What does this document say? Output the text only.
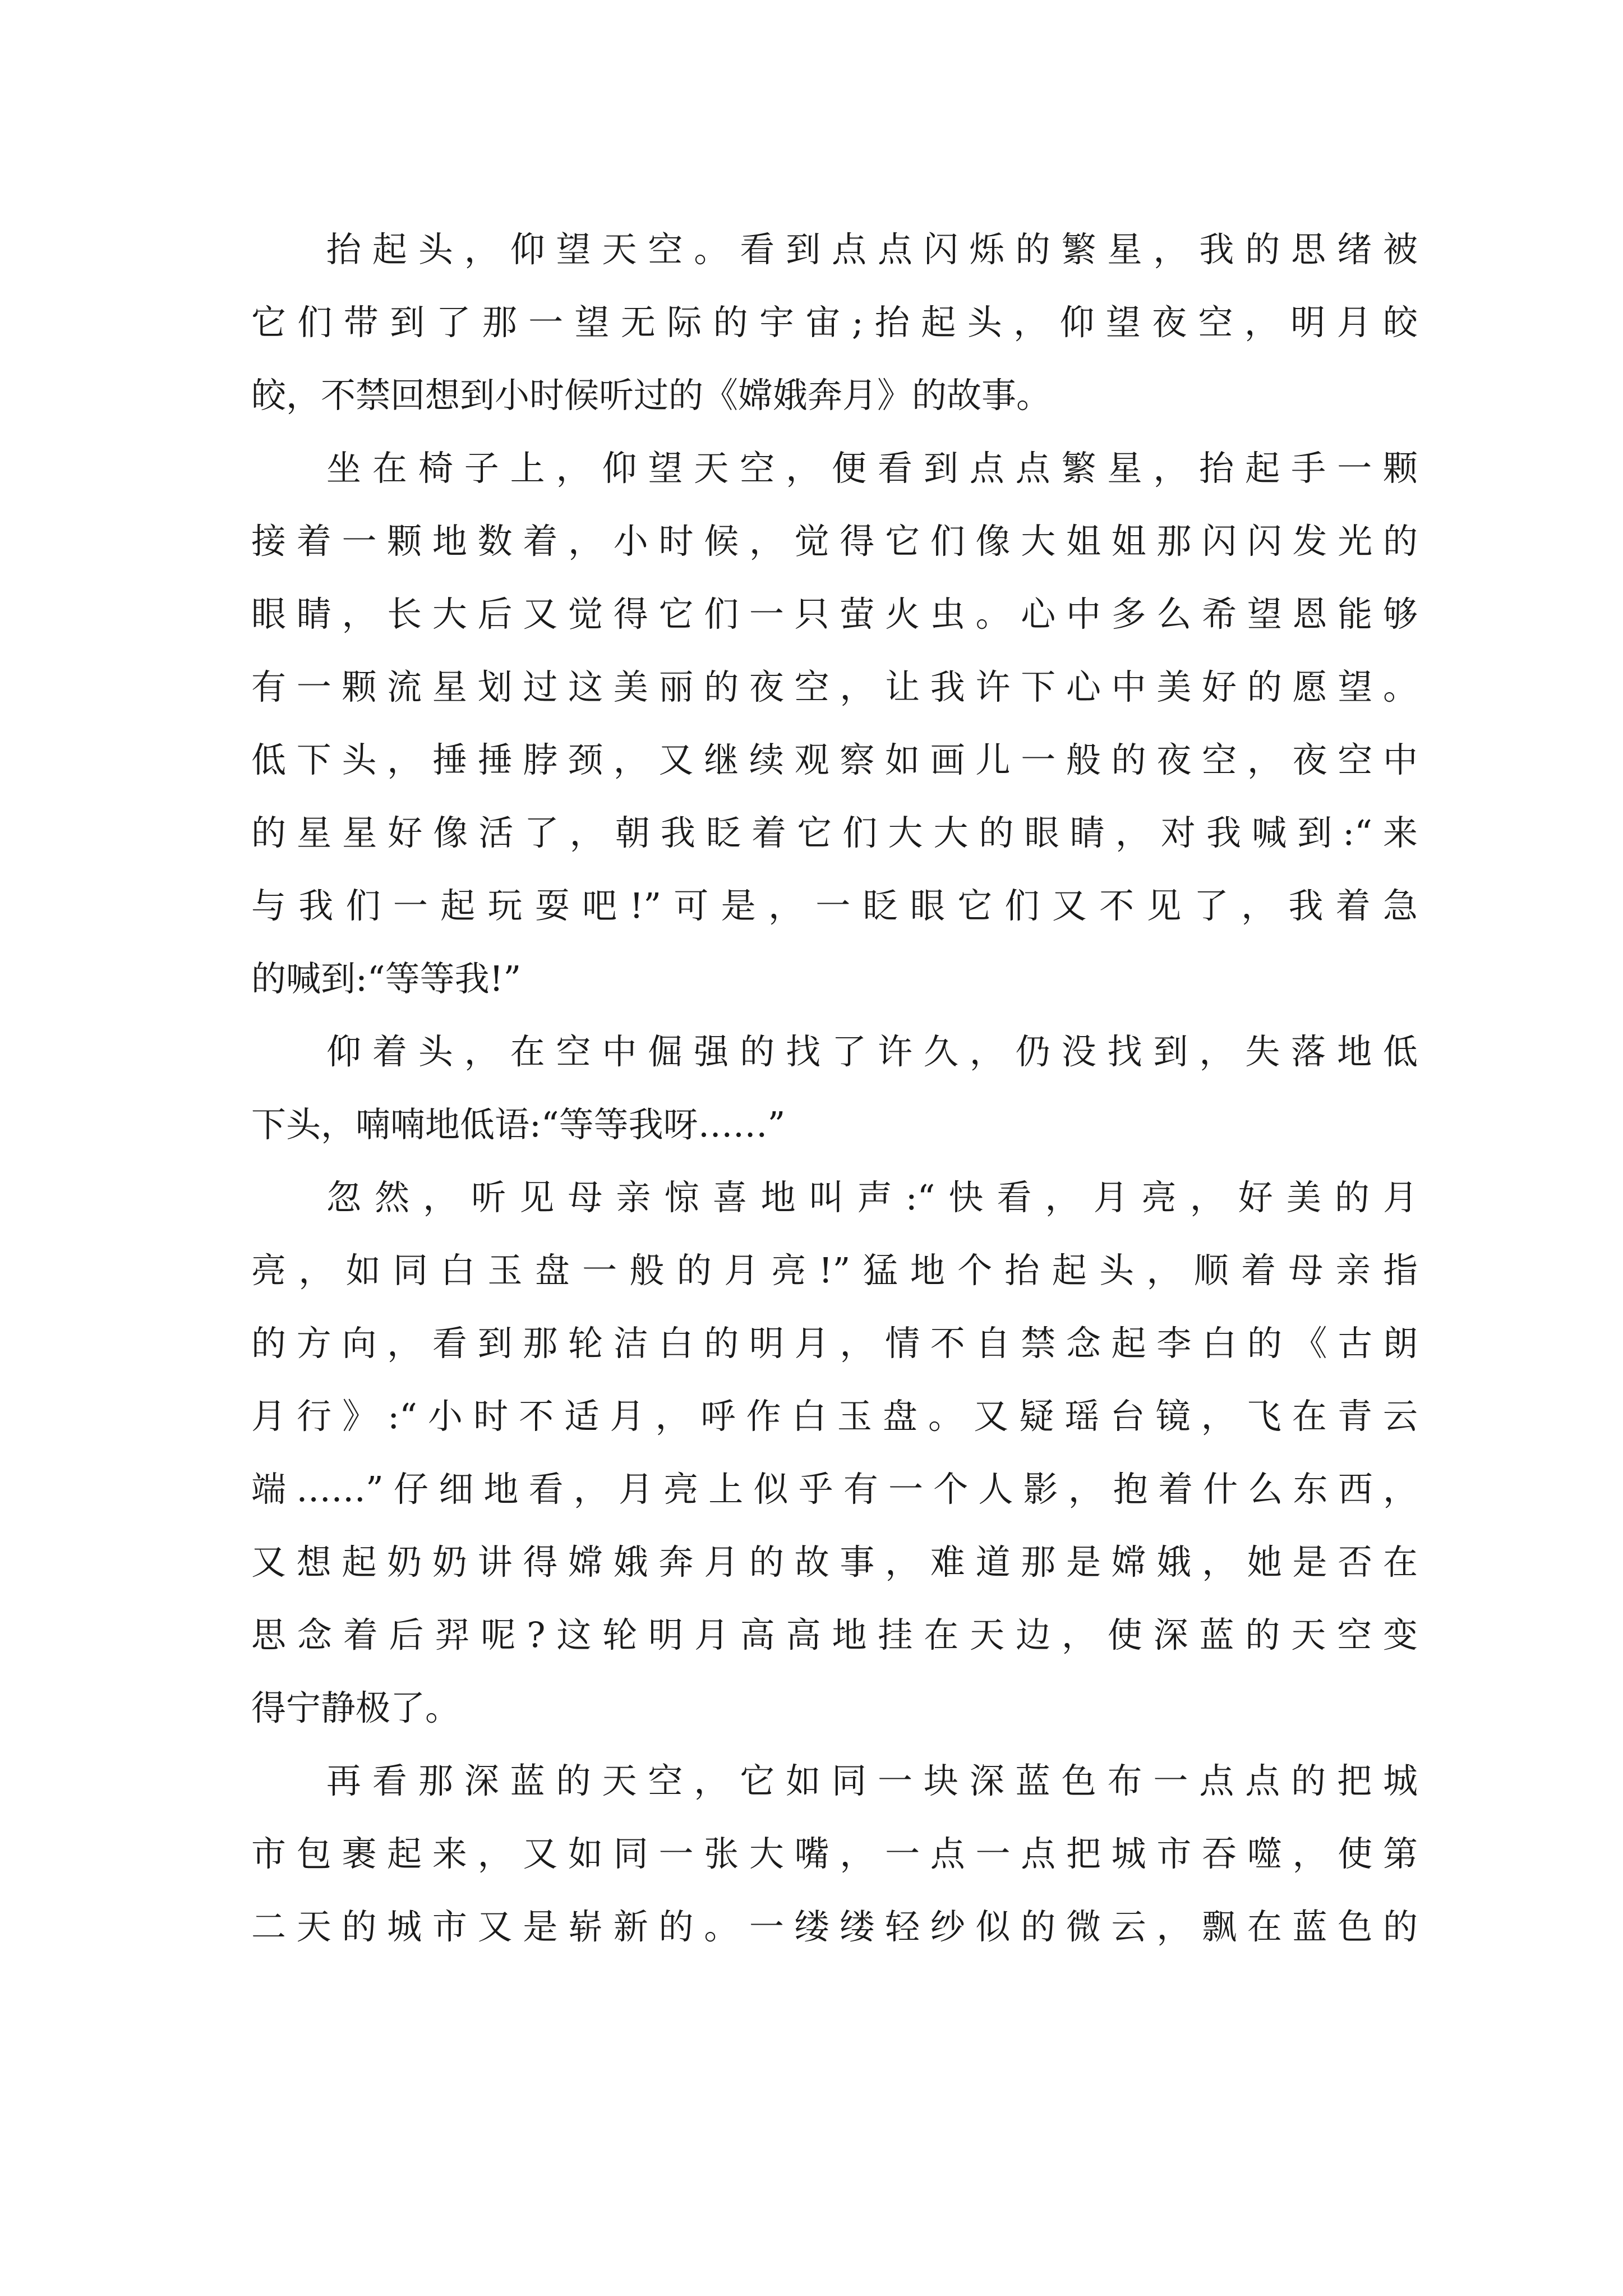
抬起头，仰望天空。看到点点闪烁的繁星，我的思绪被
它们带到了那一望无际的宇宙;抬起头，仰望夜空，明月皎
皎，不禁回想到小时候听过的《嫦娥奔月》的故事。
坐在椅子上，仰望天空，便看到点点繁星，抬起手一颗
接着一颗地数着，小时候，觉得它们像大姐姐那闪闪发光的
眼睛，长大后又觉得它们一只萤火虫。心中多么希望恩能够
有一颗流星划过这美丽的夜空，让我许下心中美好的愿望。
低下头，捶捶脖颈，又继续观察如画儿一般的夜空，夜空中
的星星好像活了，朝我眨着它们大大的眼睛，对我喊到:“来
与我们一起玩耍吧!”可是，一眨眼它们又不见了，我着急
的喊到:“等等我!”
仰着头，在空中倔强的找了许久，仍没找到，失落地低
下头，喃喃地低语:“等等我呀……”
忽然，听见母亲惊喜地叫声:“快看，月亮，好美的月
亮，如同白玉盘一般的月亮!”猛地个抬起头，顺着母亲指
的方向，看到那轮洁白的明月，情不自禁念起李白的《古朗
月行》:“小时不适月，呼作白玉盘。又疑瑶台镜，飞在青云
端……”仔细地看，月亮上似乎有一个人影，抱着什么东西，
又想起奶奶讲得嫦娥奔月的故事，难道那是嫦娥，她是否在
思念着后羿呢?这轮明月高高地挂在天边，使深蓝的天空变
得宁静极了。
再看那深蓝的天空，它如同一块深蓝色布一点点的把城
市包裹起来，又如同一张大嘴，一点一点把城市吞噬，使第
二天的城市又是崭新的。一缕缕轻纱似的微云，飘在蓝色的
